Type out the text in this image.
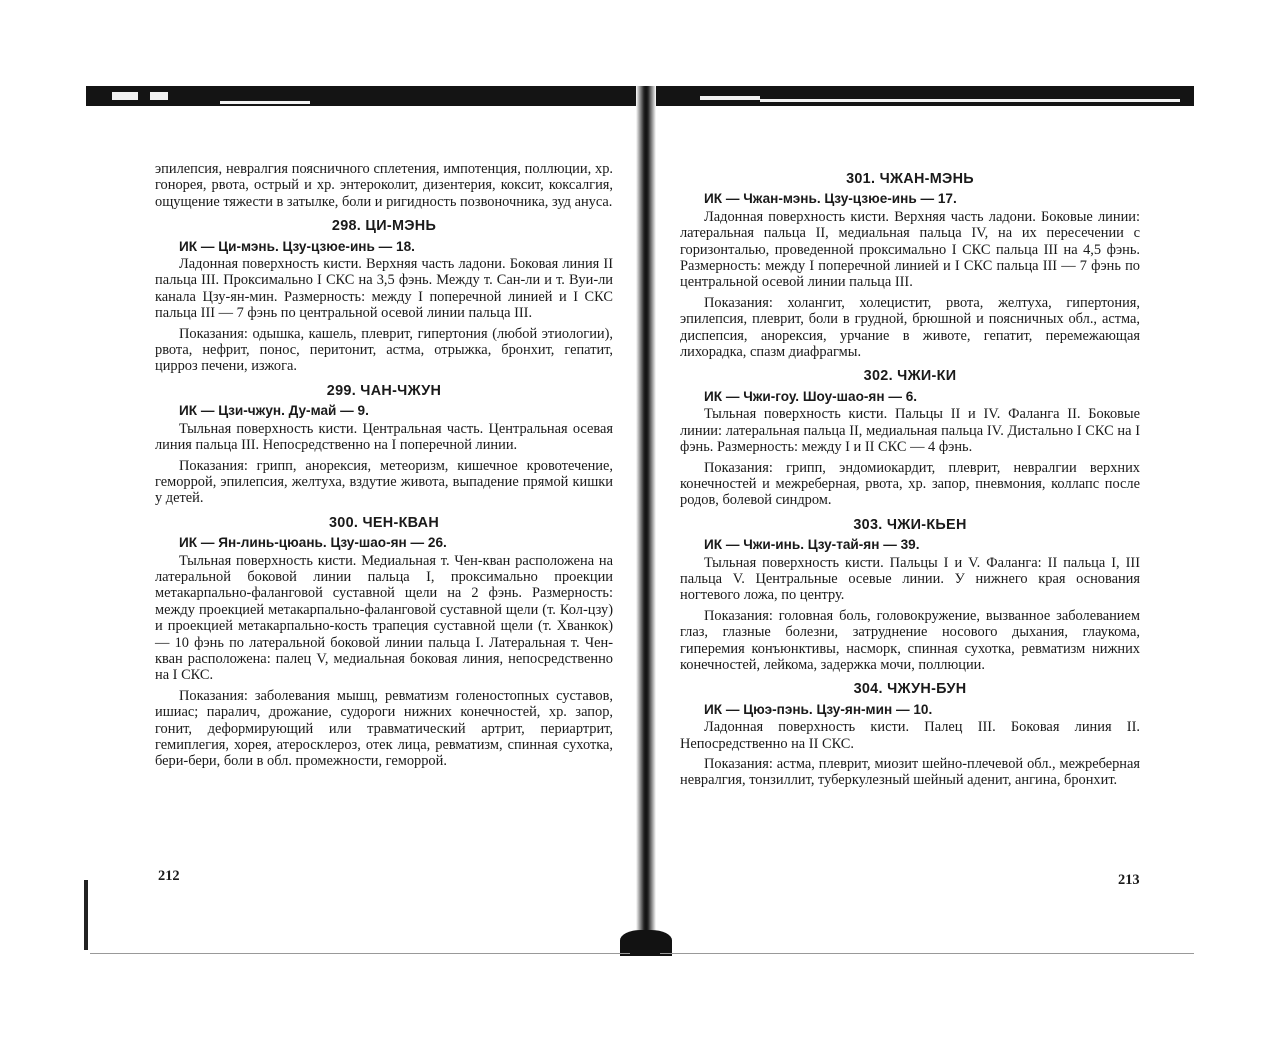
эпилепсия, невралгия поясничного сплетения, импотенция, поллюции, хр. гонорея, рвота, острый и хр. энтероколит, дизентерия, коксит, коксалгия, ощущение тяжести в затылке, боли и ригидность позвоночника, зуд ануса.

298. ЦИ-МЭНЬ
ИК — Ци-мэнь. Цзу-цзюе-инь — 18.

Ладонная поверхность кисти. Верхняя часть ладони. Боковая линия II пальца III. Проксимально I СКС на 3,5 фэнь. Между т. Сан-ли и т. Вуи-ли канала Цзу-ян-мин. Размерность: между I поперечной линией и I СКС пальца III — 7 фэнь по центральной осевой линии пальца III.

Показания: одышка, кашель, плеврит, гипертония (любой этиологии), рвота, нефрит, понос, перитонит, астма, отрыжка, бронхит, гепатит, цирроз печени, изжога.

299. ЧАН-ЧЖУН
ИК — Цзи-чжун. Ду-май — 9.

Тыльная поверхность кисти. Центральная часть. Центральная осевая линия пальца III. Непосредственно на I поперечной линии.

Показания: грипп, анорексия, метеоризм, кишечное кровотечение, геморрой, эпилепсия, желтуха, вздутие живота, выпадение прямой кишки у детей.

300. ЧЕН-КВАН
ИК — Ян-линь-цюань. Цзу-шао-ян — 26.

Тыльная поверхность кисти. Медиальная т. Чен-кван расположена на латеральной боковой линии пальца I, проксимально проекции метакарпально-фаланговой суставной щели на 2 фэнь. Размерность: между проекцией метакарпально-фаланговой суставной щели (т. Кол-цзу) и проекцией метакарпально-кость трапеция суставной щели (т. Хванкок) — 10 фэнь по латеральной боковой линии пальца I. Латеральная т. Чен-кван расположена: палец V, медиальная боковая линия, непосредственно на I СКС.

Показания: заболевания мышц, ревматизм голеностопных суставов, ишиас; паралич, дрожание, судороги нижних конечностей, хр. запор, гонит, деформирующий или травматический артрит, периартрит, гемиплегия, хорея, атеросклероз, отек лица, ревматизм, спинная сухотка, бери-бери, боли в обл. промежности, геморрой.

212
301. ЧЖАН-МЭНЬ
ИК — Чжан-мэнь. Цзу-цзюе-инь — 17.

Ладонная поверхность кисти. Верхняя часть ладони. Боковые линии: латеральная пальца II, медиальная пальца IV, на их пересечении с горизонталью, проведенной проксимально I СКС пальца III на 4,5 фэнь. Размерность: между I поперечной линией и I СКС пальца III — 7 фэнь по центральной осевой линии пальца III.

Показания: холангит, холецистит, рвота, желтуха, гипертония, эпилепсия, плеврит, боли в грудной, брюшной и поясничных обл., астма, диспепсия, анорексия, урчание в животе, гепатит, перемежающая лихорадка, спазм диафрагмы.

302. ЧЖИ-КИ
ИК — Чжи-гоу. Шоу-шао-ян — 6.

Тыльная поверхность кисти. Пальцы II и IV. Фаланга II. Боковые линии: латеральная пальца II, медиальная пальца IV. Дистально I СКС на I фэнь. Размерность: между I и II СКС — 4 фэнь.

Показания: грипп, эндомиокардит, плеврит, невралгии верхних конечностей и межреберная, рвота, хр. запор, пневмония, коллапс после родов, болевой синдром.

303. ЧЖИ-КЬЕН
ИК — Чжи-инь. Цзу-тай-ян — 39.

Тыльная поверхность кисти. Пальцы I и V. Фаланга: II пальца I, III пальца V. Центральные осевые линии. У нижнего края основания ногтевого ложа, по центру.

Показания: головная боль, головокружение, вызванное заболеванием глаз, глазные болезни, затруднение носового дыхания, глаукома, гиперемия конъюнктивы, насморк, спинная сухотка, ревматизм нижних конечностей, лейкома, задержка мочи, поллюции.

304. ЧЖУН-БУН
ИК — Цюэ-пэнь. Цзу-ян-мин — 10.

Ладонная поверхность кисти. Палец III. Боковая линия II. Непосредственно на II СКС.

Показания: астма, плеврит, миозит шейно-плечевой обл., межреберная невралгия, тонзиллит, туберкулезный шейный аденит, ангина, бронхит.

213
